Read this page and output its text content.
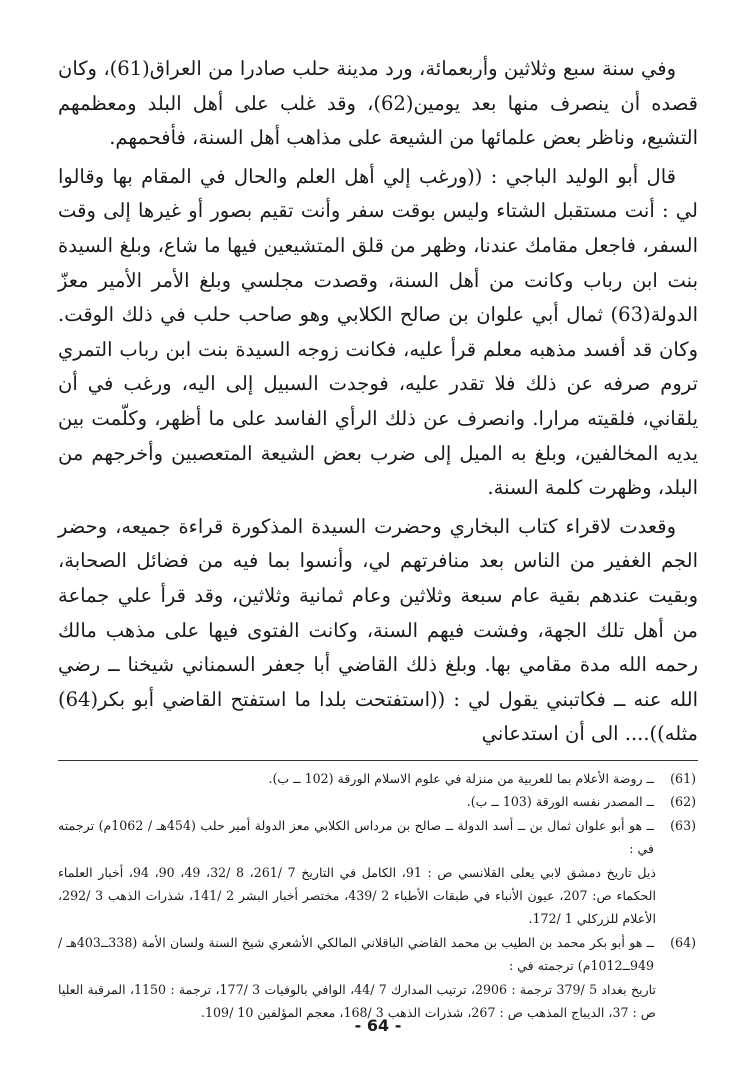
وفي سنة سبع وثلاثين وأربعمائة، ورد مدينة حلب صادرا من العراق(61)، وكان قصده أن ينصرف منها بعد يومين(62)، وقد غلب على أهل البلد ومعظمهم التشيع، وناظر بعض علمائها من الشيعة على مذاهب أهل السنة، فأفحمهم.

قال أبو الوليد الباجي : ((ورغب إلي أهل العلم والحال في المقام بها وقالوا لي : أنت مستقبل الشتاء وليس بوقت سفر وأنت تقيم بصور أو غيرها إلى وقت السفر، فاجعل مقامك عندنا، وظهر من قلق المتشيعين فيها ما شاع، وبلغ السيدة بنت ابن رباب وكانت من أهل السنة، وقصدت مجلسي وبلغ الأمر الأمير معزّ الدولة(63) ثمال أبي علوان بن صالح الكلابي وهو صاحب حلب في ذلك الوقت. وكان قد أفسد مذهبه معلم قرأ عليه، فكانت زوجه السيدة بنت ابن رباب التمري تروم صرفه عن ذلك فلا تقدر عليه، فوجدت السبيل إلى اليه، ورغب في أن يلقاني، فلقيته مرارا. وانصرف عن ذلك الرأي الفاسد على ما أظهر، وكلّمت بين يديه المخالفين، وبلغ به الميل إلى ضرب بعض الشيعة المتعصبين وأخرجهم من البلد، وظهرت كلمة السنة.

وقعدت لاقراء كتاب البخاري وحضرت السيدة المذكورة قراءة جميعه، وحضر الجم الغفير من الناس بعد منافرتهم لي، وأنسوا بما فيه من فضائل الصحابة، وبقيت عندهم بقية عام سبعة وثلاثين وعام ثمانية وثلاثين، وقد قرأ علي جماعة من أهل تلك الجهة، وفشت فيهم السنة، وكانت الفتوى فيها على مذهب مالك رحمه الله مدة مقامي بها. وبلغ ذلك القاضي أبا جعفر السمناني شيخنا ــ رضي الله عنه ــ فكاتبني يقول لي : ((استفتحت بلدا ما استفتح القاضي أبو بكر(64) مثله)).... الى أن استدعاني

(61)
ــ روضة الأعلام بما للعربية من منزلة في علوم الاسلام الورقة (102 ــ ب).
(62)
ــ المصدر نفسه الورقة (103 ــ ب).
(63)
ــ هو أبو علوان ثمال بن ــ أسد الدولة ــ صالح بن مرداس الكلابي معز الدولة أمير حلب (454هـ / 1062م) ترجمته في :
ذيل تاريخ دمشق لابي يعلى القلانسي ص : 91، الكامل في التاريخ 7 /261، 8 /32، 49، 90، 94، أخبار العلماء الحكماء ص: 207، عيون الأنباء في طبقات الأطباء 2 /439، مختصر أخبار البشر 2 /141، شذرات الذهب 3 /292، الأعلام للزركلي 1 /172.
(64)
ــ هو أبو بكر محمد بن الطيب بن محمد القاضي الباقلاني المالكي الأشعري شيخ السنة ولسان الأمة (338ــ403هـ / 949ــ1012م) ترجمته في :
تاريخ بغداد 5 /379 ترجمة : 2906، ترتيب المدارك 7 /44، الوافي بالوفيات 3 /177، ترجمة : 1150، المرقبة العليا ص : 37، الديباج المذهب ص : 267، شذرات الذهب 3 /168، معجم المؤلفين 10 /109.
- 64 -
